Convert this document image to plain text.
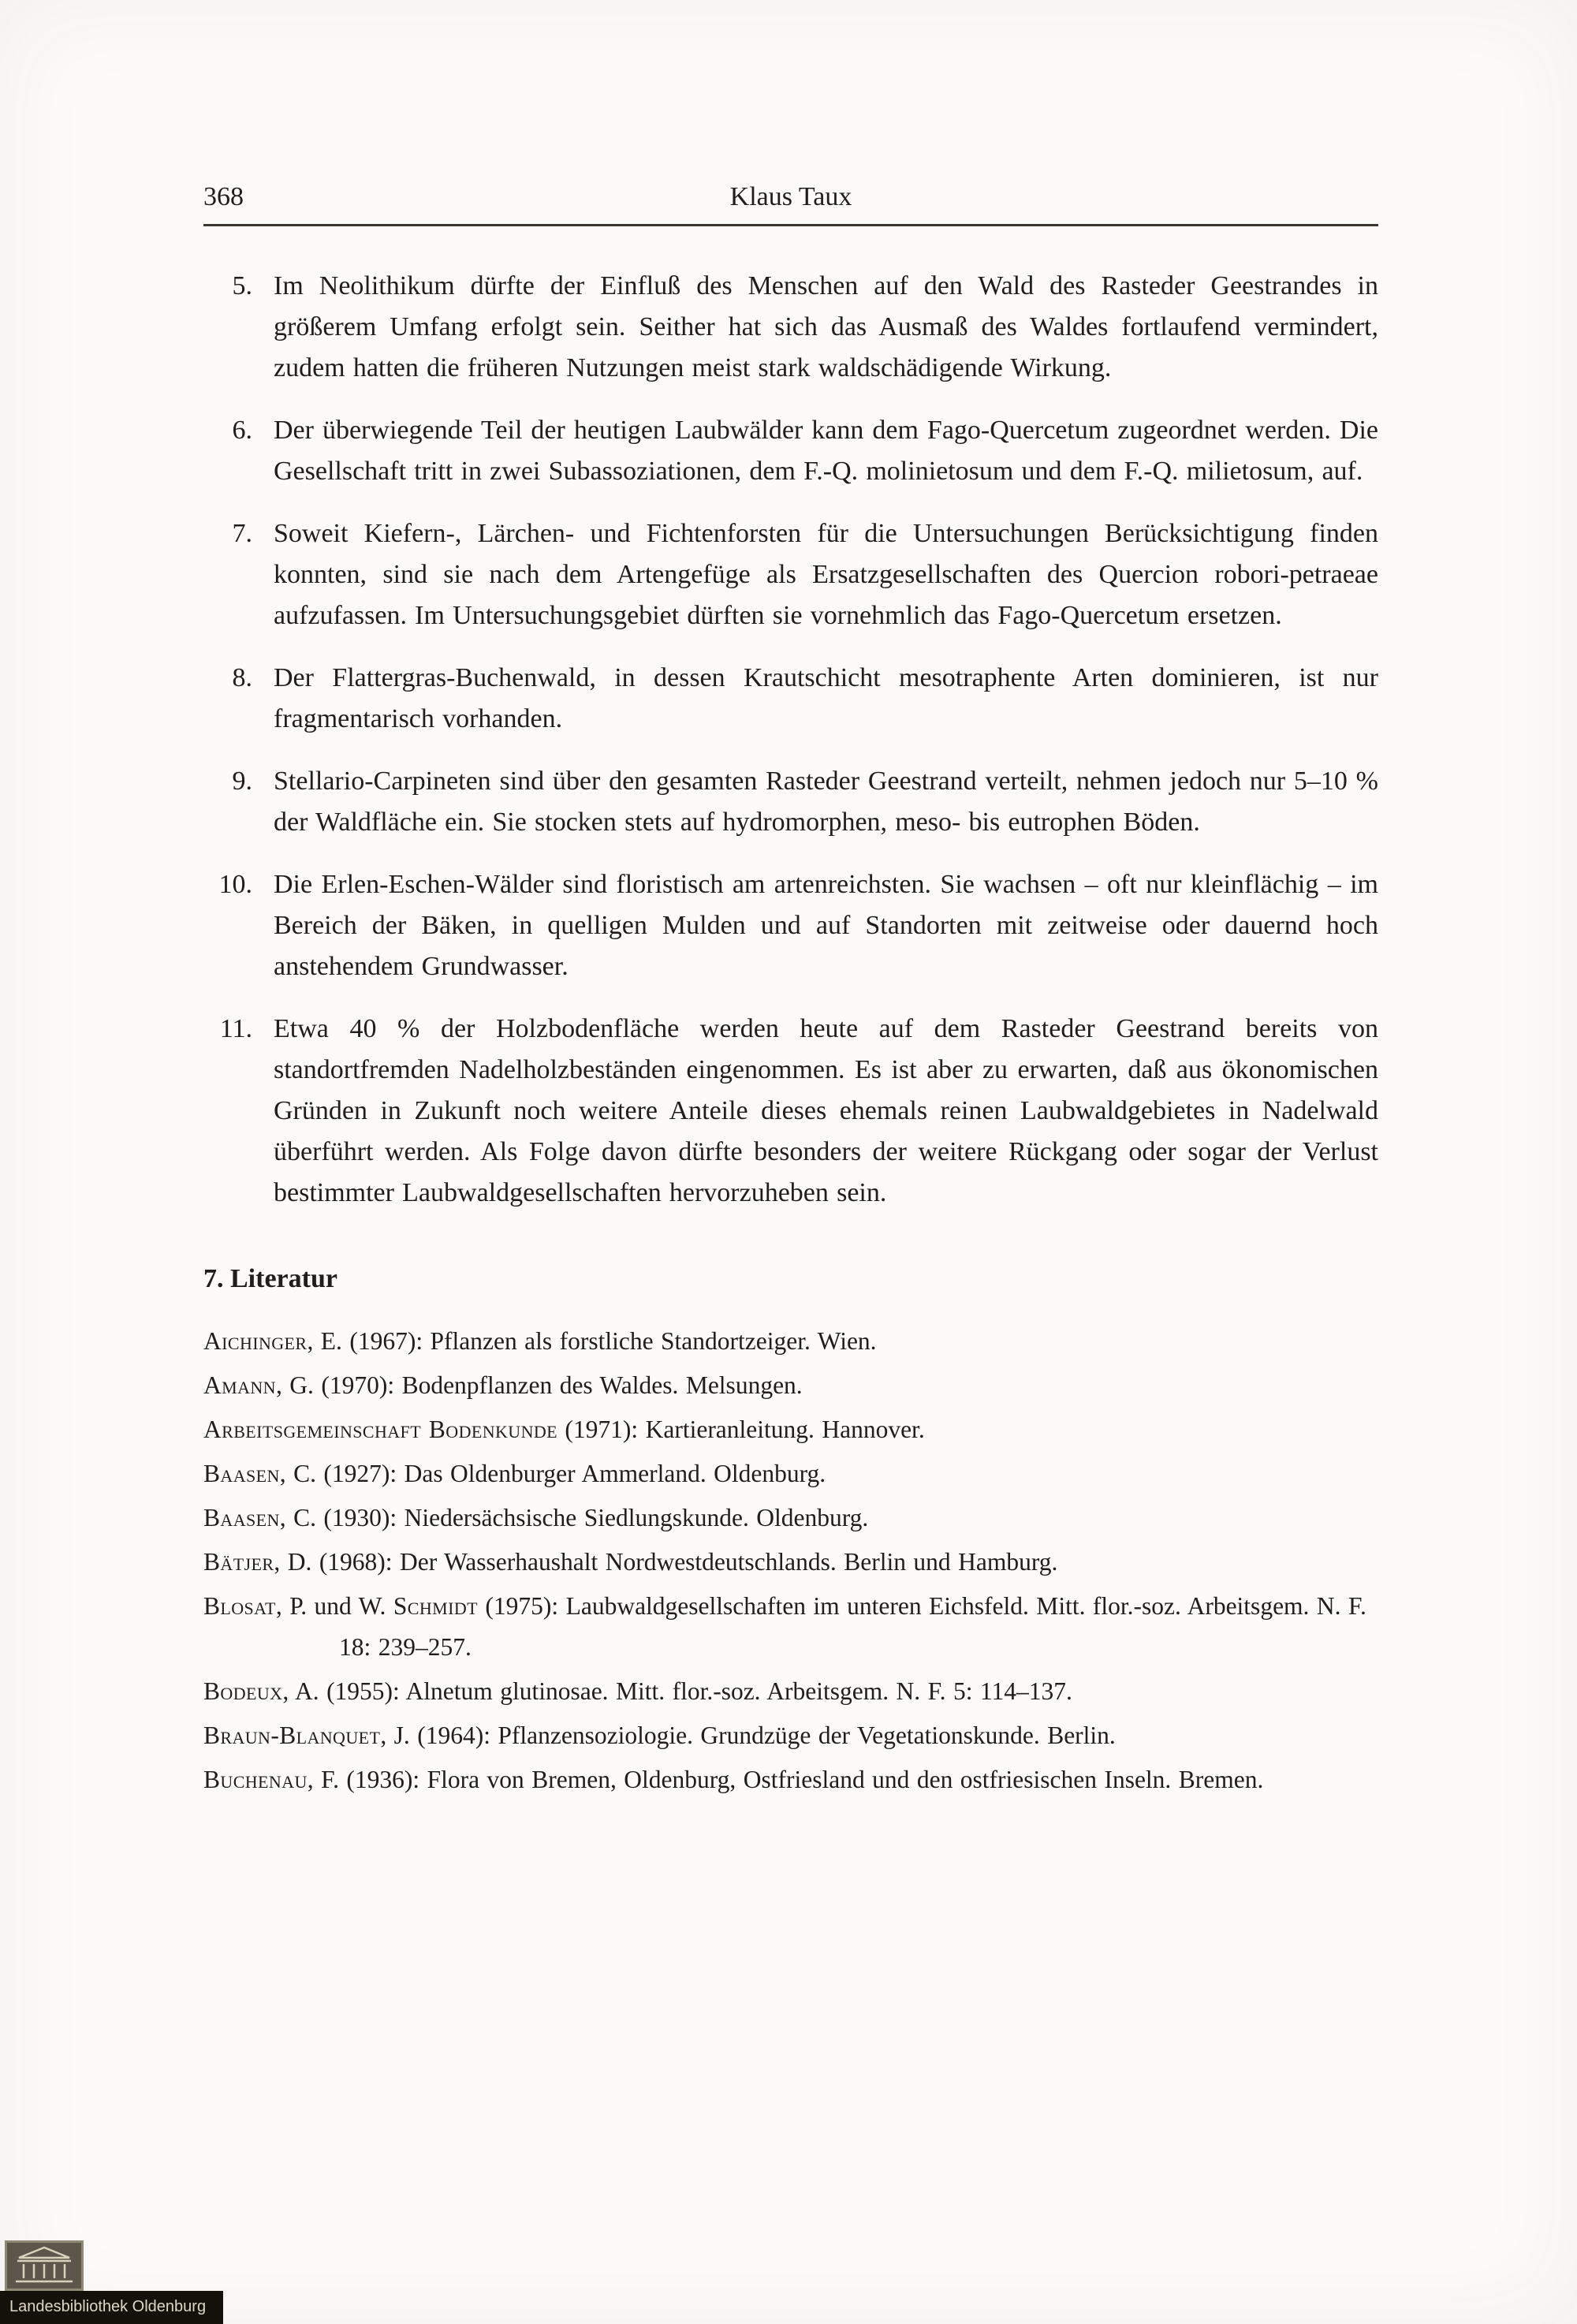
368	Klaus Taux
5. Im Neolithikum dürfte der Einfluß des Menschen auf den Wald des Rasteder Geestrandes in größerem Umfang erfolgt sein. Seither hat sich das Ausmaß des Waldes fortlaufend vermindert, zudem hatten die früheren Nutzungen meist stark waldschädigende Wirkung.
6. Der überwiegende Teil der heutigen Laubwälder kann dem Fago-Quercetum zugeordnet werden. Die Gesellschaft tritt in zwei Subassoziationen, dem F.-Q. molinietosum und dem F.-Q. milietosum, auf.
7. Soweit Kiefern-, Lärchen- und Fichtenforsten für die Untersuchungen Berücksichtigung finden konnten, sind sie nach dem Artengefüge als Ersatzgesellschaften des Quercion robori-petraeae aufzufassen. Im Untersuchungsgebiet dürften sie vornehmlich das Fago-Quercetum ersetzen.
8. Der Flattergras-Buchenwald, in dessen Krautschicht mesotraphente Arten dominieren, ist nur fragmentarisch vorhanden.
9. Stellario-Carpineten sind über den gesamten Rasteder Geestrand verteilt, nehmen jedoch nur 5–10 % der Waldfläche ein. Sie stocken stets auf hydromorphen, meso- bis eutrophen Böden.
10. Die Erlen-Eschen-Wälder sind floristisch am artenreichsten. Sie wachsen – oft nur kleinflächig – im Bereich der Bäken, in quelligen Mulden und auf Standorten mit zeitweise oder dauernd hoch anstehendem Grundwasser.
11. Etwa 40 % der Holzbodenfläche werden heute auf dem Rasteder Geestrand bereits von standortfremden Nadelholzbeständen eingenommen. Es ist aber zu erwarten, daß aus ökonomischen Gründen in Zukunft noch weitere Anteile dieses ehemals reinen Laubwaldgebietes in Nadelwald überführt werden. Als Folge davon dürfte besonders der weitere Rückgang oder sogar der Verlust bestimmter Laubwaldgesellschaften hervorzuheben sein.
7. Literatur

Aichinger, E. (1967): Pflanzen als forstliche Standortzeiger. Wien.

Amann, G. (1970): Bodenpflanzen des Waldes. Melsungen.

Arbeitsgemeinschaft Bodenkunde (1971): Kartieranleitung. Hannover.

Baasen, C. (1927): Das Oldenburger Ammerland. Oldenburg.

Baasen, C. (1930): Niedersächsische Siedlungskunde. Oldenburg.

Bätjer, D. (1968): Der Wasserhaushalt Nordwestdeutschlands. Berlin und Hamburg.

Blosat, P. und W. Schmidt (1975): Laubwaldgesellschaften im unteren Eichsfeld. Mitt. flor.-soz. Arbeitsgem. N. F. 18: 239–257.

Bodeux, A. (1955): Alnetum glutinosae. Mitt. flor.-soz. Arbeitsgem. N. F. 5: 114–137.

Braun-Blanquet, J. (1964): Pflanzensoziologie. Grundzüge der Vegetationskunde. Berlin.

Buchenau, F. (1936): Flora von Bremen, Oldenburg, Ostfriesland und den ostfriesischen Inseln. Bremen.

Landesbibliothek Oldenburg
